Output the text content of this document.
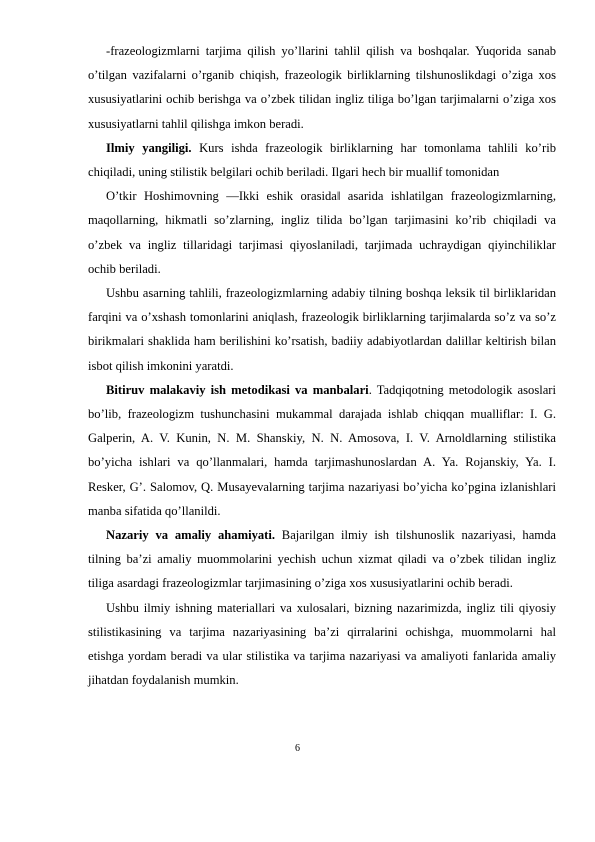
-frazeologizmlarni tarjima qilish yo’llarini tahlil qilish va boshqalar. Yuqorida sanab o’tilgan vazifalarni o’rganib chiqish, frazeologik birliklarning tilshunoslikdagi o’ziga xos xususiyatlarini ochib berishga va o’zbek tilidan ingliz tiliga bo’lgan tarjimalarni o’ziga xos xususiyatlarni tahlil qilishga imkon beradi.

Ilmiy yangiligi. Kurs ishda frazeologik birliklarning har tomonlama tahlili ko’rib chiqiladi, uning stilistik belgilari ochib beriladi. Ilgari hech bir muallif tomonidan

O’tkir Hoshimovning ―Ikki eshik orasida‖ asarida ishlatilgan frazeologizmlarning, maqollarning, hikmatli so’zlarning, ingliz tilida bo’lgan tarjimasini ko’rib chiqiladi va o’zbek va ingliz tillaridagi tarjimasi qiyoslaniladi, tarjimada uchraydigan qiyinchiliklar ochib beriladi.

Ushbu asarning tahlili, frazeologizmlarning adabiy tilning boshqa leksik til birliklaridan farqini va o’xshash tomonlarini aniqlash, frazeologik birliklarning tarjimalarda so’z va so’z birikmalari shaklida ham berilishini ko’rsatish, badiiy adabiyotlardan dalillar keltirish bilan isbot qilish imkonini yaratdi.

Bitiruv malakaviy ish metodikasi va manbalari. Tadqiqotning metodologik asoslari bo’lib, frazeologizm tushunchasini mukammal darajada ishlab chiqqan mualliflar: I. G. Galperin, A. V. Kunin, N. M. Shanskiy, N. N. Amosova, I. V. Arnoldlarning stilistika bo’yicha ishlari va qo’llanmalari, hamda tarjimashunoslardan A. Ya. Rojanskiy, Ya. I. Resker, G’. Salomov, Q. Musayevalarning tarjima nazariyasi bo’yicha ko’pgina izlanishlari manba sifatida qo’llanildi.

Nazariy va amaliy ahamiyati. Bajarilgan ilmiy ish tilshunoslik nazariyasi, hamda tilning ba’zi amaliy muommolarini yechish uchun xizmat qiladi va o’zbek tilidan ingliz tiliga asardagi frazeologizmlar tarjimasining o’ziga xos xususiyatlarini ochib beradi.

Ushbu ilmiy ishning materiallari va xulosalari, bizning nazarimizda, ingliz tili qiyosiy stilistikasining va tarjima nazariyasining ba’zi qirralarini ochishga, muommolarni hal etishga yordam beradi va ular stilistika va tarjima nazariyasi va amaliyoti fanlarida amaliy jihatdan foydalanish mumkin.

6
